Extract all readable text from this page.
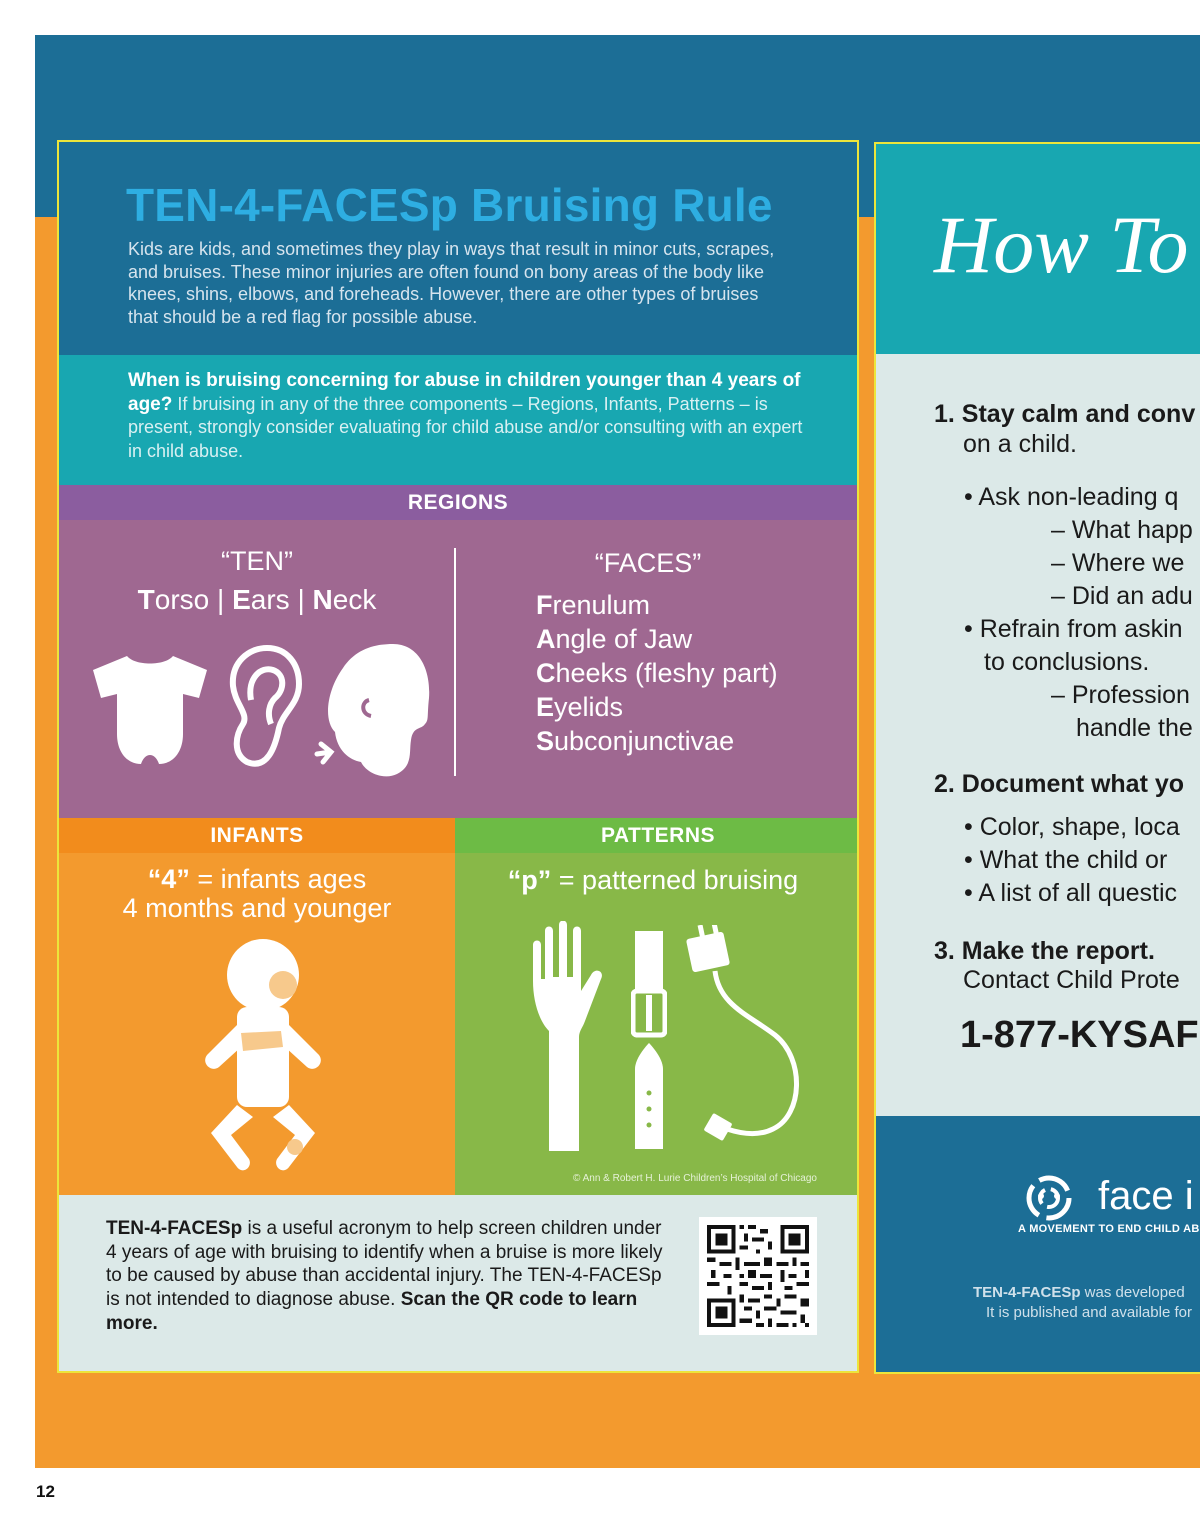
TEN-4-FACESp Bruising Rule
Kids are kids, and sometimes they play in ways that result in minor cuts, scrapes, and bruises. These minor injuries are often found on bony areas of the body like knees, shins, elbows, and foreheads. However, there are other types of bruises that should be a red flag for possible abuse.
When is bruising concerning for abuse in children younger than 4 years of age? If bruising in any of the three components – Regions, Infants, Patterns – is present, strongly consider evaluating for child abuse and/or consulting with an expert in child abuse.
REGIONS
“TEN”
Torso | Ears | Neck
“FACES”
Frenulum
Angle of Jaw
Cheeks (fleshy part)
Eyelids
Subconjunctivae
INFANTS	PATTERNS
“4” = infants ages
4 months and younger
“p” = patterned bruising
© Ann & Robert H. Lurie Children’s Hospital of Chicago
TEN-4-FACESp is a useful acronym to help screen children under 4 years of age with bruising to identify when a bruise is more likely to be caused by abuse than accidental injury. The TEN-4-FACESp is not intended to diagnose abuse. Scan the QR code to learn more.
How To
1. Stay calm and conv
on a child.
• Ask non-leading q
– What happ
– Where we
– Did an adu
• Refrain from askin
to conclusions.
– Profession
handle the
2. Document what yo
• Color, shape, loca
• What the child or
• A list of all questic
3. Make the report.
Contact Child Prote
1-877-KYSAF
face i
A MOVEMENT TO END CHILD AB
TEN-4-FACESp was developed
It is published and available for
12
